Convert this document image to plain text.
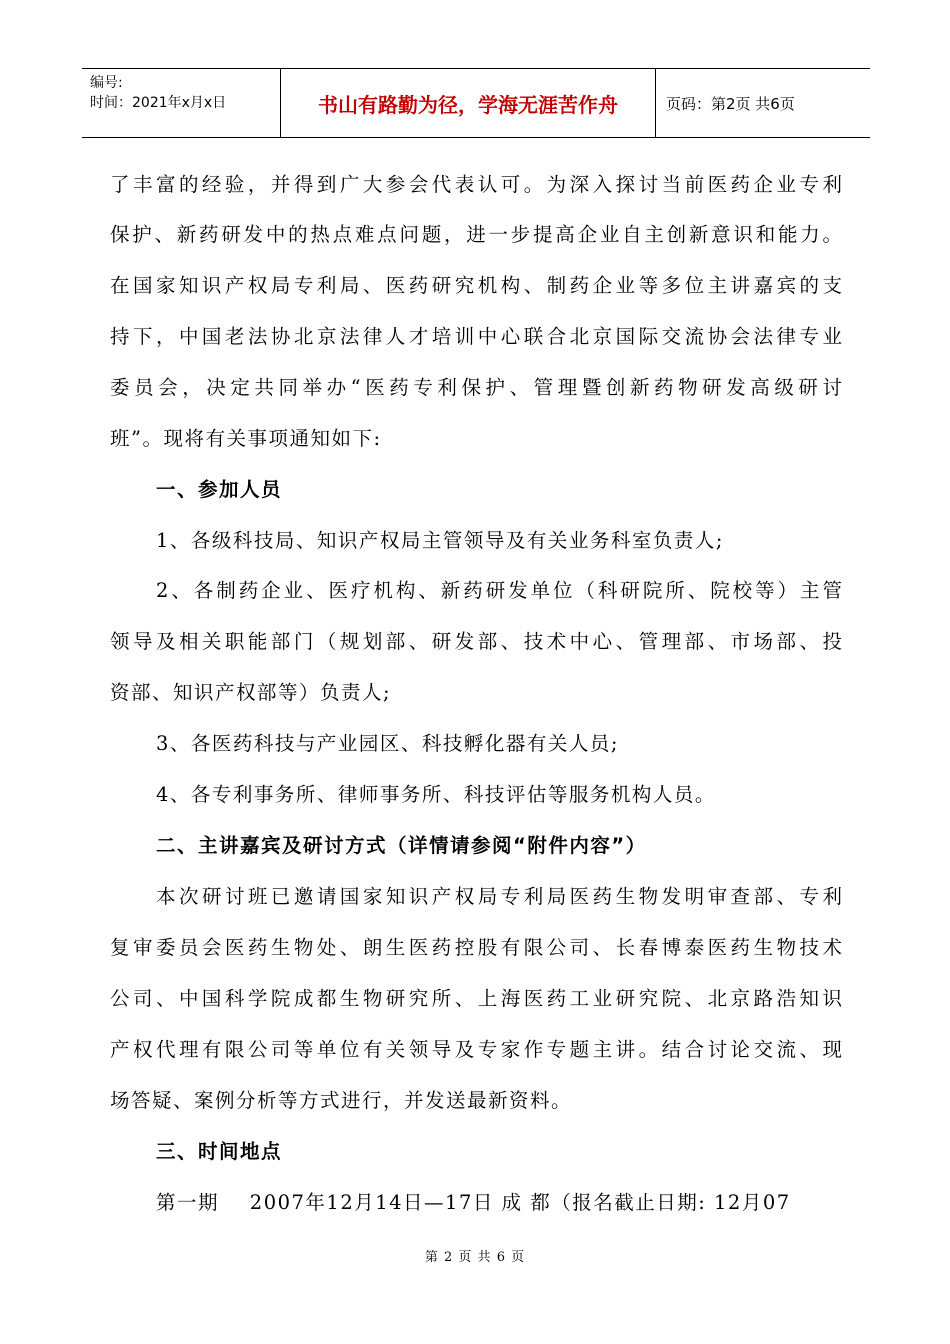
编号:
时间：2021年x月x日	书山有路勤为径，学海无涯苦作舟	页码：第2页 共6页
了丰富的经验，并得到广大参会代表认可。为深入探讨当前医药企业专利
保护、新药研发中的热点难点问题，进一步提高企业自主创新意识和能力。
在国家知识产权局专利局、医药研究机构、制药企业等多位主讲嘉宾的支
持下，中国老法协北京法律人才培训中心联合北京国际交流协会法律专业
委员会，决定共同举办“医药专利保护、管理暨创新药物研发高级研讨
班”。现将有关事项通知如下:
一、参加人员
1、各级科技局、知识产权局主管领导及有关业务科室负责人;
2、各制药企业、医疗机构、新药研发单位（科研院所、院校等）主管
领导及相关职能部门（规划部、研发部、技术中心、管理部、市场部、投
资部、知识产权部等）负责人;
3、各医药科技与产业园区、科技孵化器有关人员;
4、各专利事务所、律师事务所、科技评估等服务机构人员。
二、主讲嘉宾及研讨方式（详情请参阅“附件内容”）
本次研讨班已邀请国家知识产权局专利局医药生物发明审查部、专利
复审委员会医药生物处、朗生医药控股有限公司、长春博泰医药生物技术
公司、中国科学院成都生物研究所、上海医药工业研究院、北京路浩知识
产权代理有限公司等单位有关领导及专家作专题主讲。结合讨论交流、现
场答疑、案例分析等方式进行，并发送最新资料。
三、时间地点
第一期    2007年12月14日—17日 成 都（报名截止日期: 12月07
第 2 页 共 6 页
